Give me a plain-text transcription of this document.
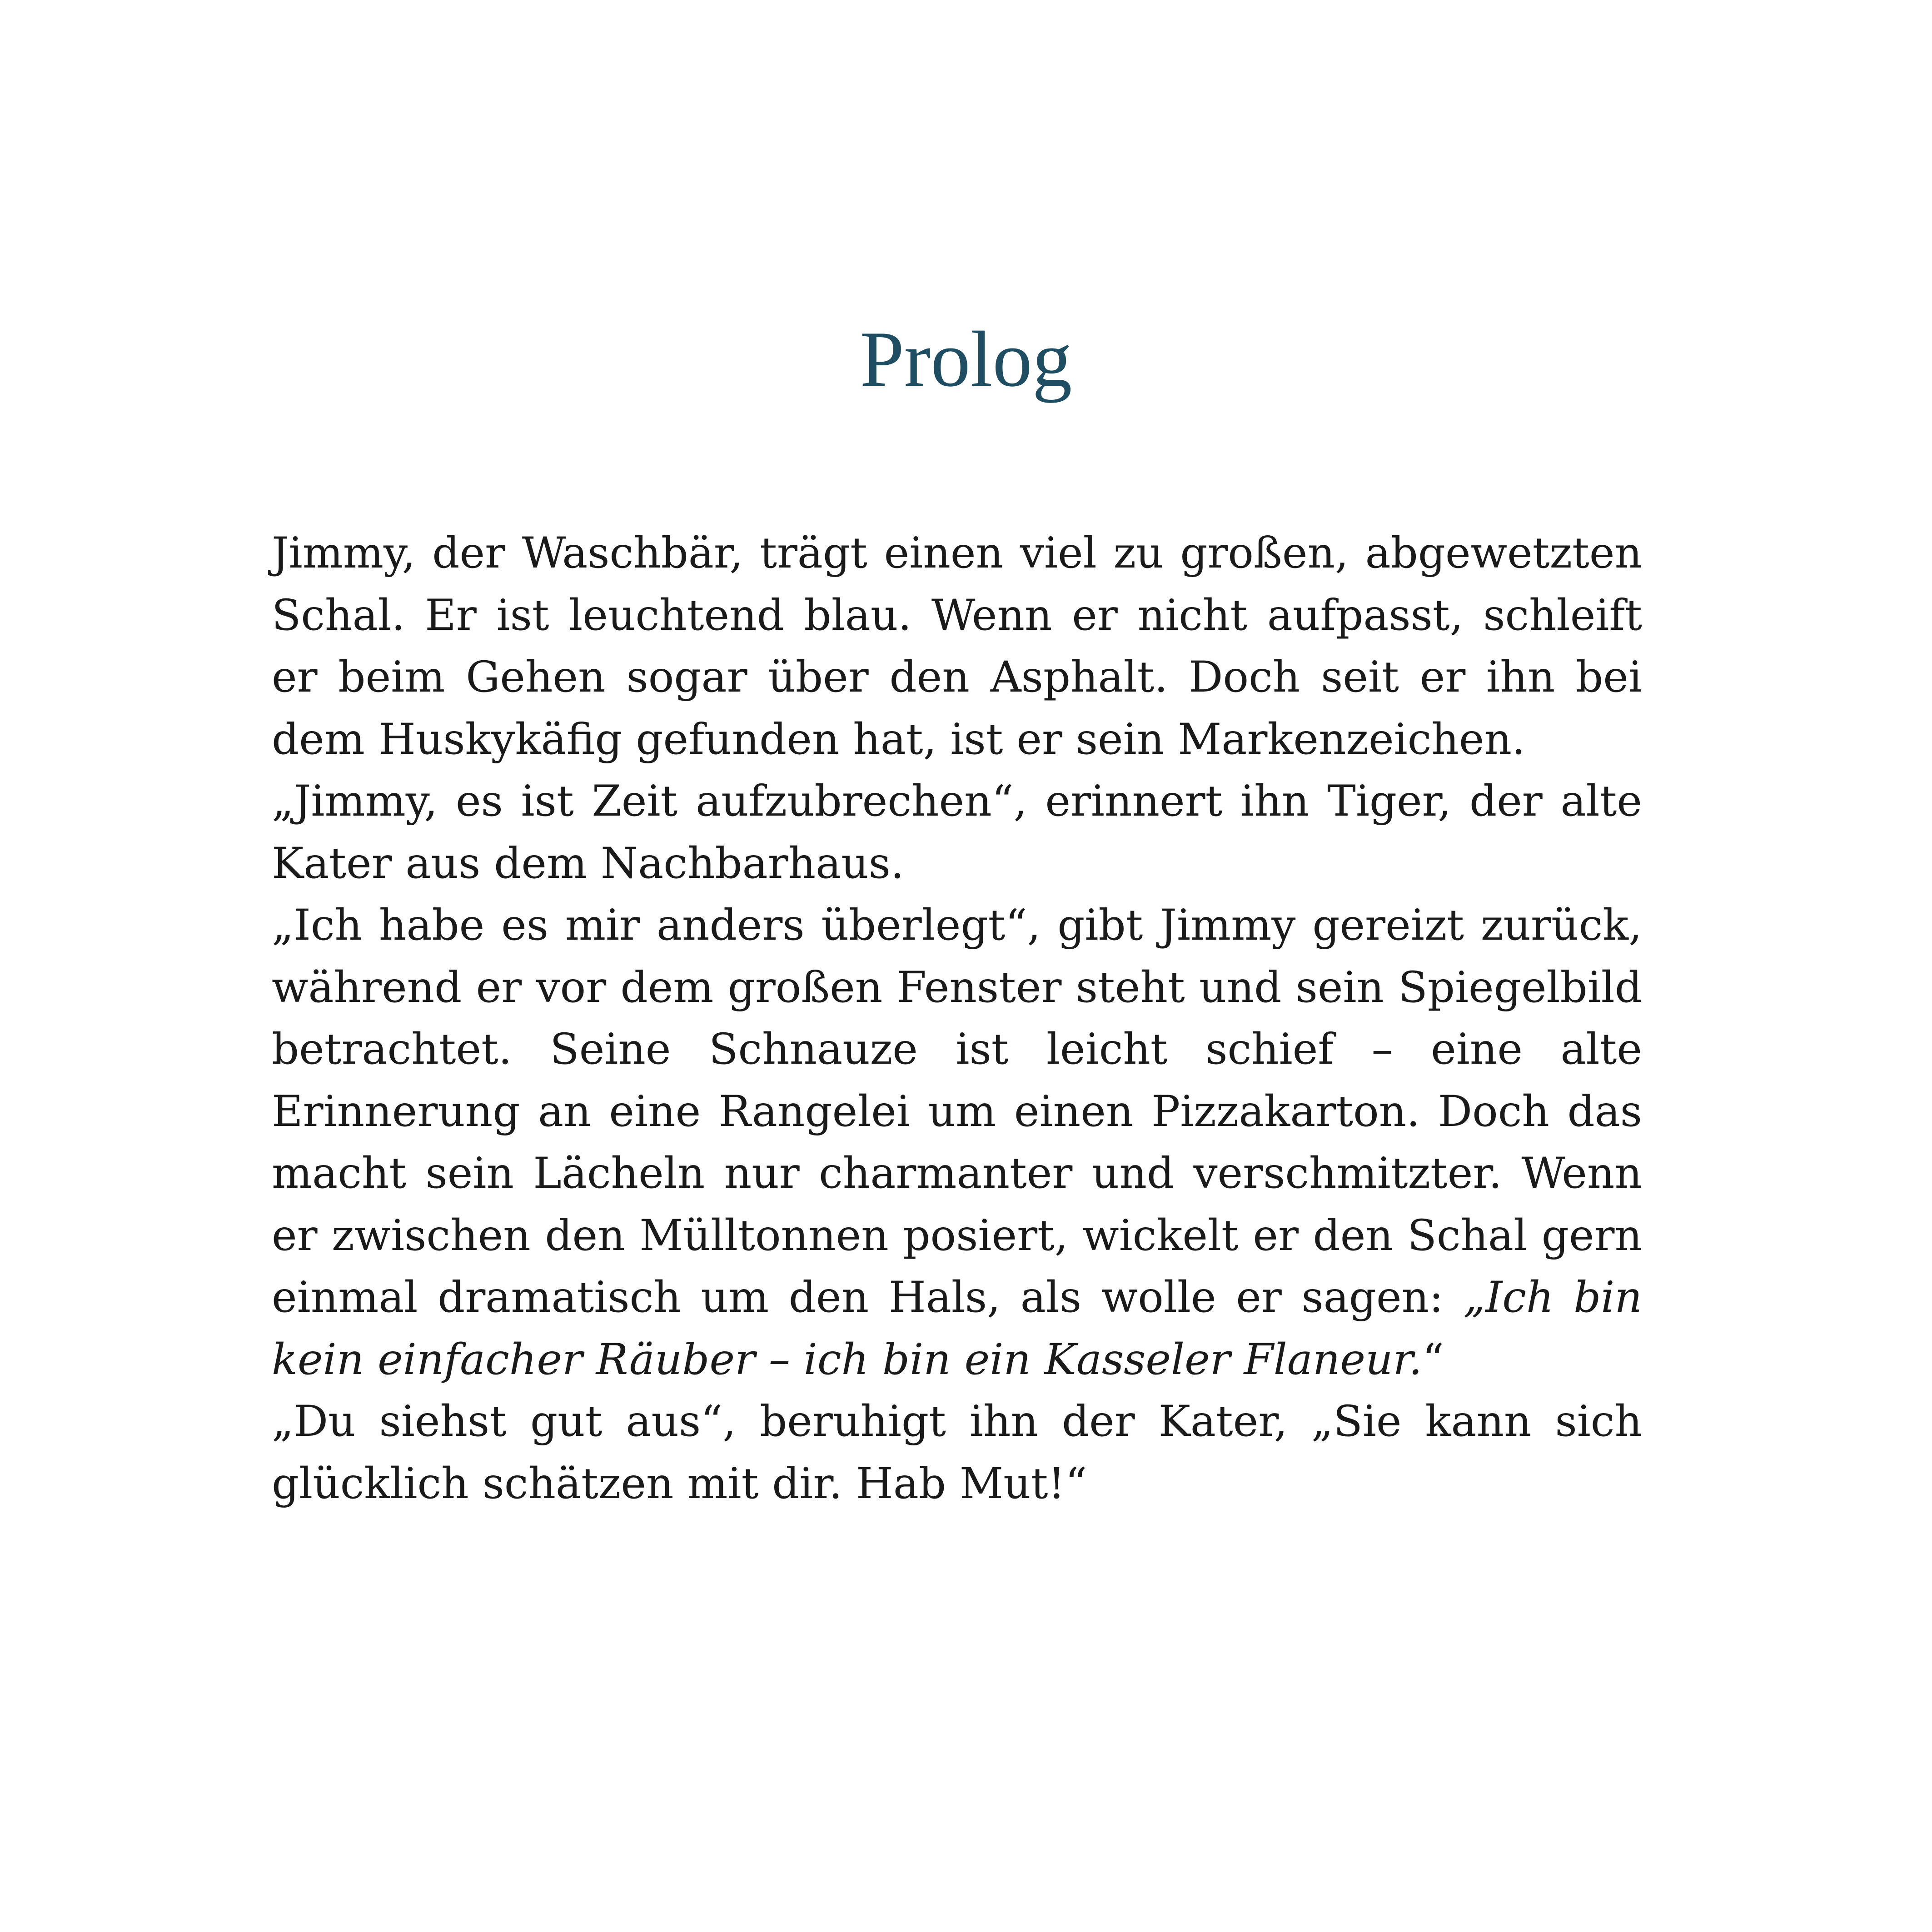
Prolog

Jimmy, der Waschbär, trägt einen viel zu großen, abgewetzten Schal. Er ist leuchtend blau. Wenn er nicht aufpasst, schleift er beim Gehen sogar über den Asphalt. Doch seit er ihn bei dem Huskykäfig gefunden hat, ist er sein Markenzeichen.

„Jimmy, es ist Zeit aufzubrechen“, erinnert ihn Tiger, der alte Kater aus dem Nachbarhaus.

„Ich habe es mir anders überlegt“, gibt Jimmy gereizt zurück, während er vor dem großen Fenster steht und sein Spiegelbild betrachtet. Seine Schnauze ist leicht schief – eine alte Erinnerung an eine Rangelei um einen Pizzakarton. Doch das macht sein Lächeln nur charmanter und verschmitzter. Wenn er zwischen den Mülltonnen posiert, wickelt er den Schal gern einmal dramatisch um den Hals, als wolle er sagen: „Ich bin kein einfacher Räuber – ich bin ein Kasseler Flaneur.“

„Du siehst gut aus“, beruhigt ihn der Kater, „Sie kann sich glücklich schätzen mit dir. Hab Mut!“
